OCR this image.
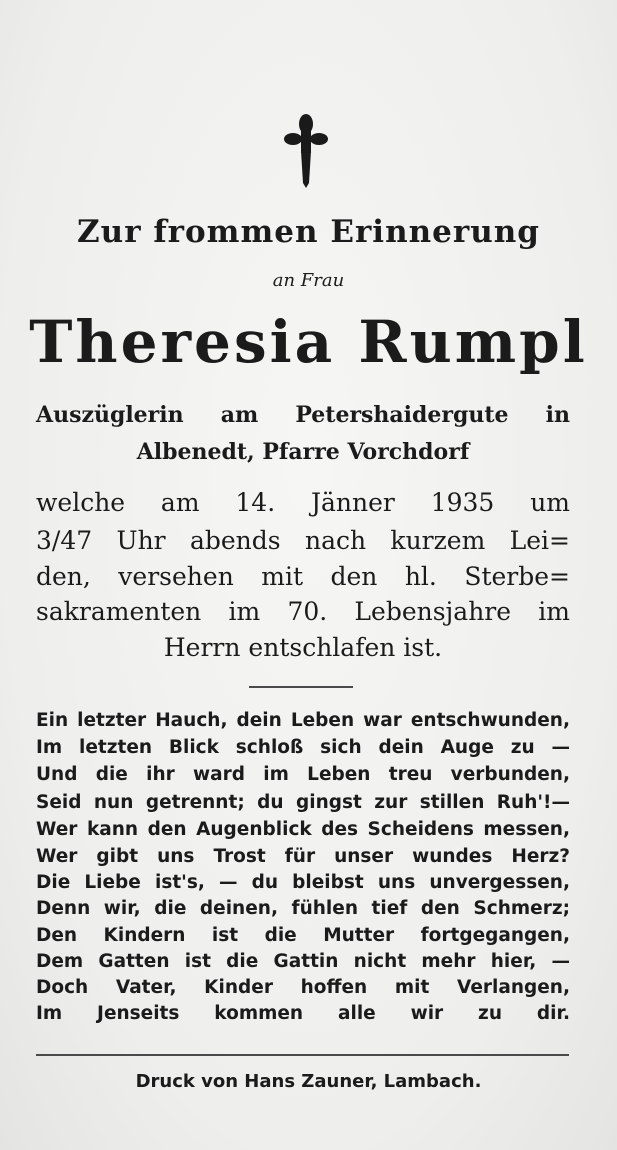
Zur frommen Erinnerung
an Frau
Theresia Rumpl
Auszüglerin am Petershaidergute in
Albenedt, Pfarre Vorchdorf
welche am 14. Jänner 1935 um
3/47 Uhr abends nach kurzem Lei=
den, versehen mit den hl. Sterbe=
sakramenten im 70. Lebensjahre im
Herrn entschlafen ist.
Ein letzter Hauch, dein Leben war entschwunden,
Im letzten Blick schloß sich dein Auge zu —
Und die ihr ward im Leben treu verbunden,
Seid nun getrennt; du gingst zur stillen Ruh'!—
Wer kann den Augenblick des Scheidens messen,
Wer gibt uns Trost für unser wundes Herz?
Die Liebe ist's, — du bleibst uns unvergessen,
Denn wir, die deinen, fühlen tief den Schmerz;
Den Kindern ist die Mutter fortgegangen,
Dem Gatten ist die Gattin nicht mehr hier, —
Doch Vater, Kinder hoffen mit Verlangen,
Im Jenseits kommen alle wir zu dir.
Druck von Hans Zauner, Lambach.
